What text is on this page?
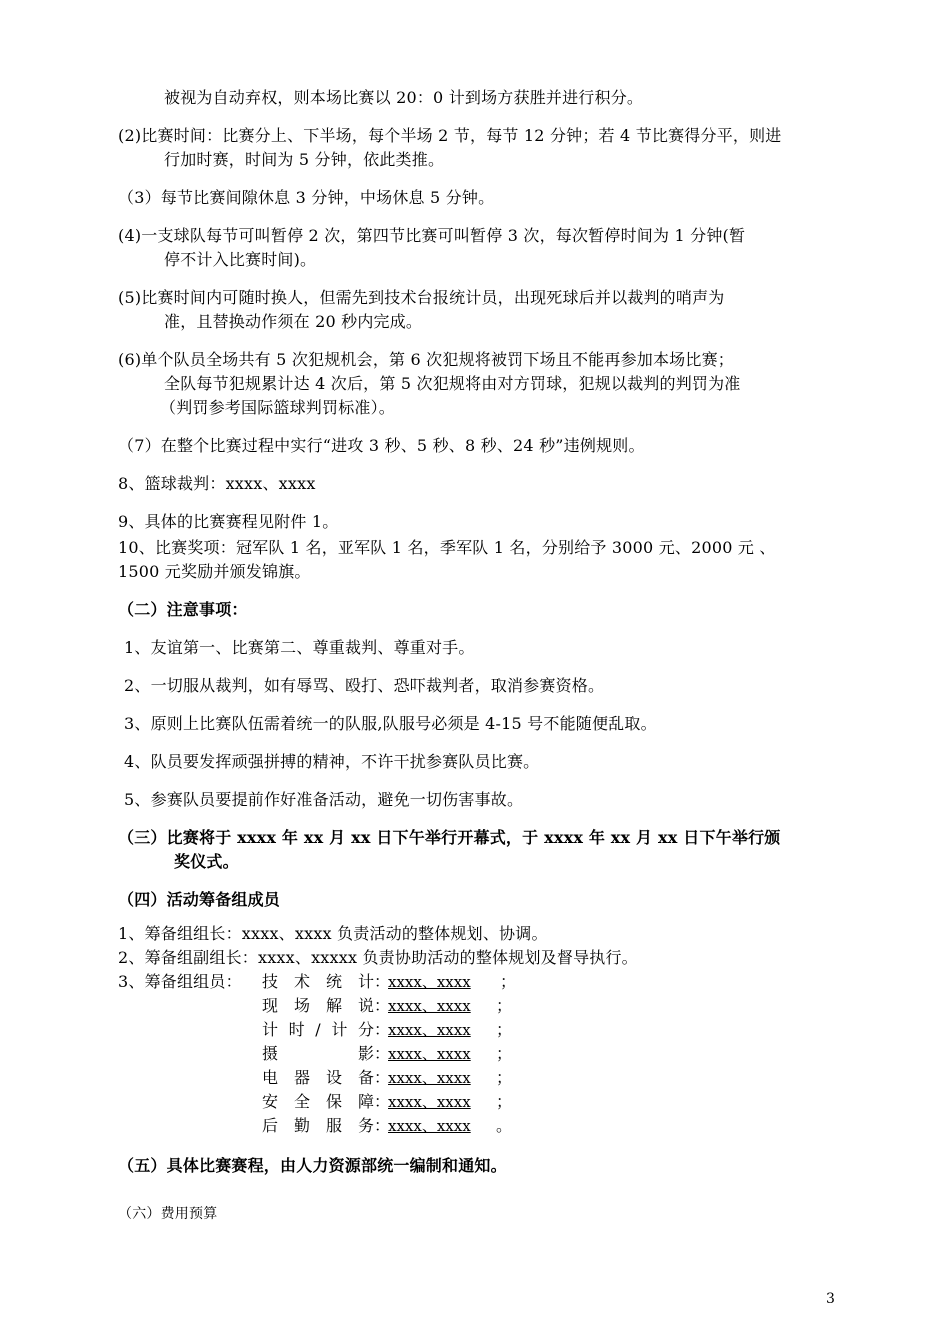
被视为自动弃权，则本场比赛以 20：0 计到场方获胜并进行积分。
(2)比赛时间：比赛分上、下半场，每个半场 2 节，每节 12 分钟；若 4 节比赛得分平，则进
行加时赛，时间为 5 分钟，依此类推。
（3）每节比赛间隙休息 3 分钟，中场休息 5 分钟。
(4)一支球队每节可叫暂停 2 次，第四节比赛可叫暂停 3 次，每次暂停时间为 1 分钟(暂
停不计入比赛时间)。
(5)比赛时间内可随时换人，但需先到技术台报统计员，出现死球后并以裁判的哨声为
准，且替换动作须在 20 秒内完成。
(6)单个队员全场共有 5 次犯规机会，第 6 次犯规将被罚下场且不能再参加本场比赛；
全队每节犯规累计达 4 次后，第 5 次犯规将由对方罚球，犯规以裁判的判罚为准
（判罚参考国际篮球判罚标准）。
（7）在整个比赛过程中实行“进攻 3 秒、5 秒、8 秒、24 秒”违例规则。
8、篮球裁判：xxxx、xxxx
9、具体的比赛赛程见附件 1。
10、比赛奖项：冠军队 1 名，亚军队 1 名，季军队 1 名，分别给予 3000 元、2000 元 、
1500 元奖励并颁发锦旗。
（二）注意事项：
1、友谊第一、比赛第二、尊重裁判、尊重对手。
2、一切服从裁判，如有辱骂、殴打、恐吓裁判者，取消参赛资格。
3、原则上比赛队伍需着统一的队服,队服号必须是 4-15 号不能随便乱取。
4、队员要发挥顽强拼搏的精神，不许干扰参赛队员比赛。
5、参赛队员要提前作好准备活动，避免一切伤害事故。
（三）比赛将于 xxxx 年 xx 月 xx 日下午举行开幕式，于 xxxx 年 xx 月 xx 日下午举行颁
奖仪式。
（四）活动筹备组成员
1、筹备组组长：xxxx、xxxx 负责活动的整体规划、协调。
2、筹备组副组长：xxxx、xxxxx 负责协助活动的整体规划及督导执行。
3、筹备组组员： 技术统计 ：
xxxx、xxxx ；
现场解说 ：
xxxx、xxxx ；
计时/计分 ：
xxxx、xxxx ；
摄影 ：
xxxx、xxxx ；
电器设备 ：
xxxx、xxxx ；
安全保障 ：
xxxx、xxxx ；
后勤服务 ：
xxxx、xxxx 。
（五）具体比赛赛程，由人力资源部统一编制和通知。
（六）费用预算
3
